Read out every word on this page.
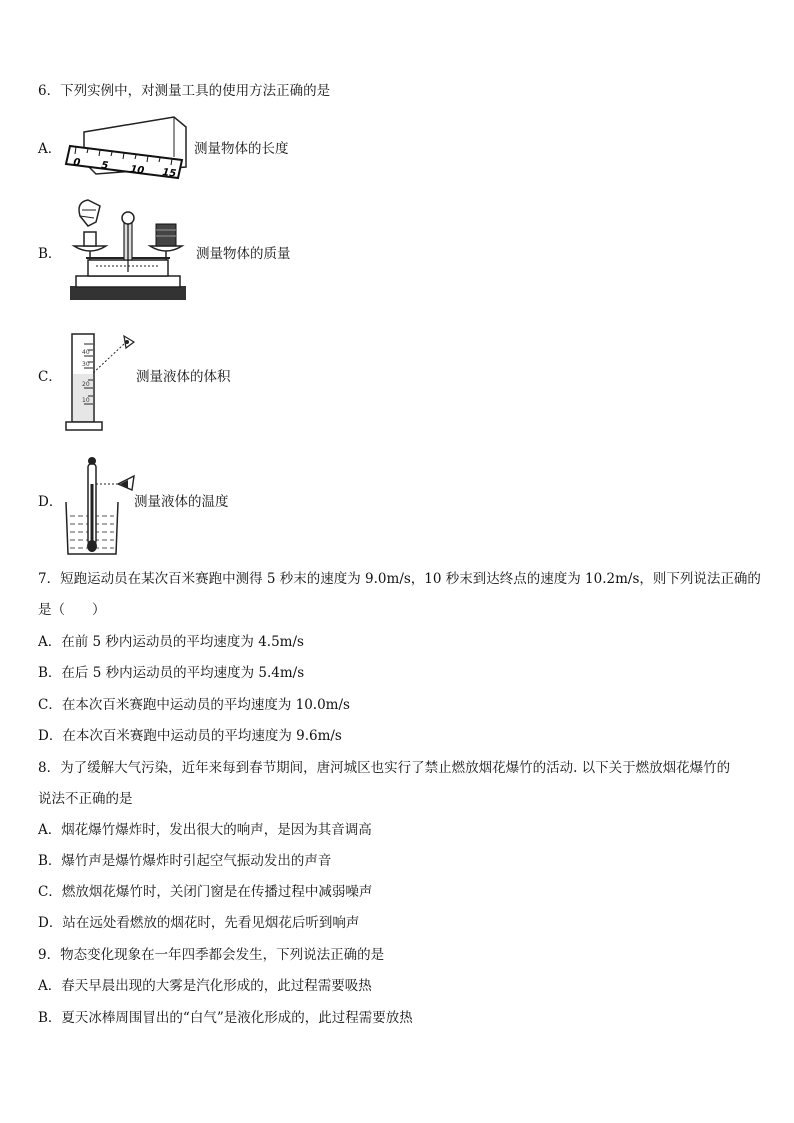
6．下列实例中，对测量工具的使用方法正确的是
A．
0 5 10 15
测量物体的长度
B．	测量物体的质量
C．
40
30
20
10
测量液体的体积
D．	测量液体的温度
7．短跑运动员在某次百米赛跑中测得 5 秒末的速度为 9.0m/s，10 秒末到达终点的速度为 10.2m/s，则下列说法正确的
是（　　）
A．在前 5 秒内运动员的平均速度为 4.5m/s
B．在后 5 秒内运动员的平均速度为 5.4m/s
C．在本次百米赛跑中运动员的平均速度为 10.0m/s
D．在本次百米赛跑中运动员的平均速度为 9.6m/s
8．为了缓解大气污染，近年来每到春节期间，唐河城区也实行了禁止燃放烟花爆竹的活动. 以下关于燃放烟花爆竹的
说法不正确的是
A．烟花爆竹爆炸时，发出很大的响声，是因为其音调高
B．爆竹声是爆竹爆炸时引起空气振动发出的声音
C．燃放烟花爆竹时，关闭门窗是在传播过程中减弱噪声
D．站在远处看燃放的烟花时，先看见烟花后听到响声
9．物态变化现象在一年四季都会发生，下列说法正确的是
A．春天早晨出现的大雾是汽化形成的，此过程需要吸热
B．夏天冰棒周围冒出的“白气”是液化形成的，此过程需要放热
